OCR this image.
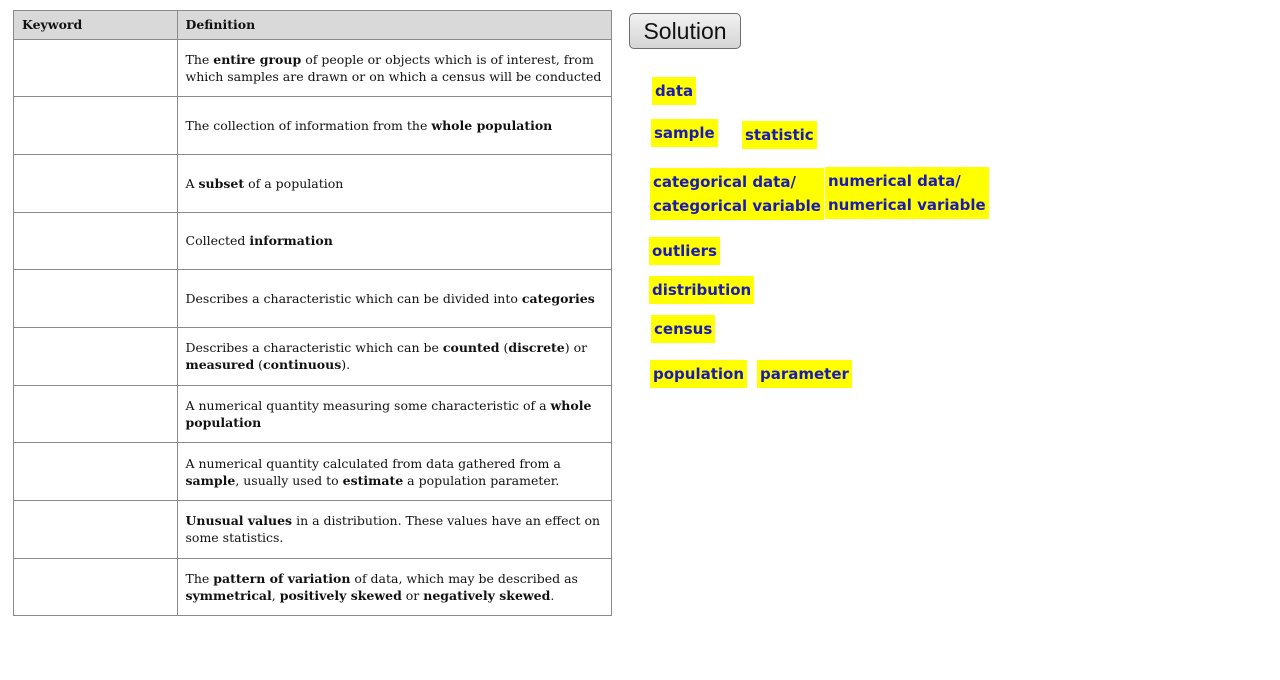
Keyword	Definition

	The entire group of people or objects which is of interest, from which samples are drawn or on which a census will be conducted

	The collection of information from the whole population

	A subset of a population

	Collected information

	Describes a characteristic which can be divided into categories

	Describes a characteristic which can be counted (discrete) or measured (continuous).

	A numerical quantity measuring some characteristic of a whole population

	A numerical quantity calculated from data gathered from a sample, usually used to estimate a population parameter.

	Unusual values in a distribution. These values have an effect on some statistics.

	The pattern of variation of data, which may be described as symmetrical, positively skewed or negatively skewed.
Solution
data
sample statistic
categorical data/
categorical variable
numerical data/
numerical variable
outliers
distribution
census
population parameter
